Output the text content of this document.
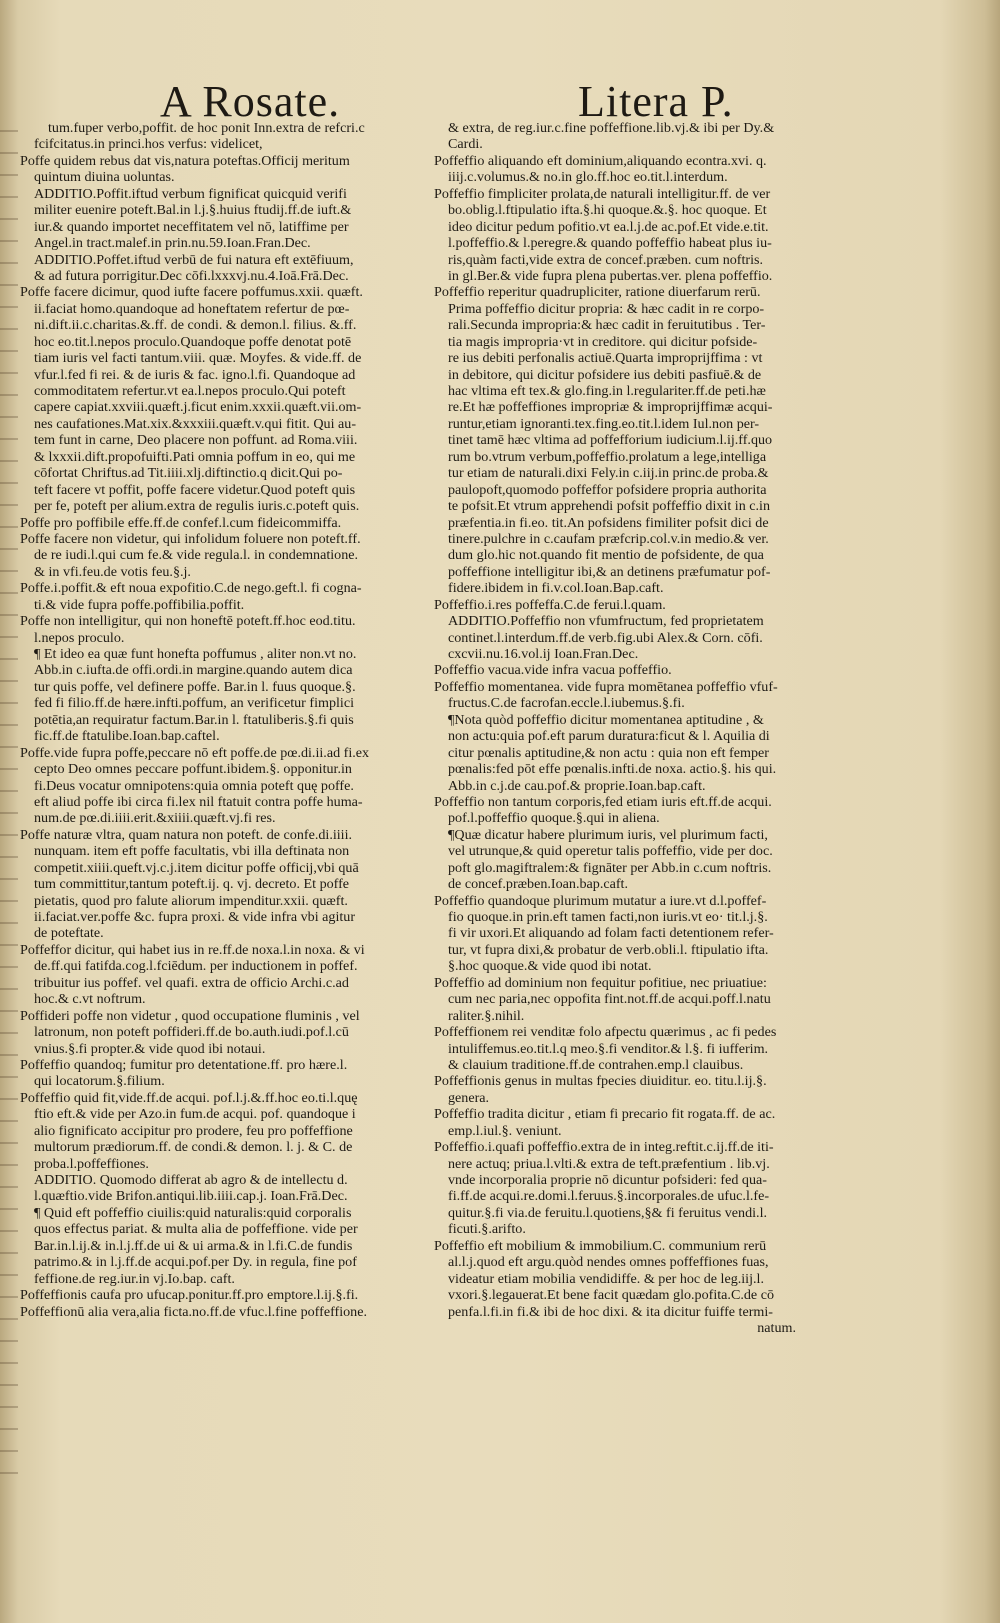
A Rosate.	Litera P.
tum.fuper verbo,poffit. de hoc ponit Inn.extra de refcri.c
fcifcitatus.in princi.hos verfus: videlicet,
Poffe quidem rebus dat vis,natura poteftas.Officij meritum
quintum diuina uoluntas.
ADDITIO.Poffit.iftud verbum fignificat quicquid verifi
militer euenire poteft.Bal.in l.j.§.huius ftudij.ff.de iuft.&
iur.& quando importet neceffitatem vel nō, latiffime per
Angel.in tract.malef.in prin.nu.59.Ioan.Fran.Dec.
ADDITIO.Poffet.iftud verbū de fui natura eft extēfiuum,
& ad futura porrigitur.Dec cōfi.lxxxvj.nu.4.Ioā.Frā.Dec.
Poffe facere dicimur, quod iufte facere poffumus.xxii. quæft.
ii.faciat homo.quandoque ad honeftatem refertur de pœ-
ni.dift.ii.c.charitas.&.ff. de condi. & demon.l. filius. &.ff.
hoc eo.tit.l.nepos proculo.Quandoque poffe denotat potē
tiam iuris vel facti tantum.viii. quæ. Moyfes. & vide.ff. de
vfur.l.fed fi rei. & de iuris & fac. igno.l.fi. Quandoque ad
commoditatem refertur.vt ea.l.nepos proculo.Qui poteft
capere capiat.xxviii.quæft.j.ficut enim.xxxii.quæft.vii.om-
nes caufationes.Mat.xix.&xxxiii.quæft.v.qui fitit. Qui au-
tem funt in carne, Deo placere non poffunt. ad Roma.viii.
& lxxxii.dift.propofuifti.Pati omnia poffum in eo, qui me
cōfortat Chriftus.ad Tit.iiii.xlj.diftinctio.q dicit.Qui po-
teft facere vt poffit, poffe facere videtur.Quod poteft quis
per fe, poteft per alium.extra de regulis iuris.c.poteft quis.
Poffe pro poffibile effe.ff.de confef.l.cum fideicommiffa.
Poffe facere non videtur, qui infolidum foluere non poteft.ff.
de re iudi.l.qui cum fe.& vide regula.l. in condemnatione.
& in vfi.feu.de votis feu.§.j.
Poffe.i.poffit.& eft noua expofitio.C.de nego.geft.l. fi cogna-
ti.& vide fupra poffe.poffibilia.poffit.
Poffe non intelligitur, qui non honeftē poteft.ff.hoc eod.titu.
l.nepos proculo.
¶ Et ideo ea quæ funt honefta poffumus , aliter non.vt no.
Abb.in c.iufta.de offi.ordi.in margine.quando autem dica
tur quis poffe, vel definere poffe. Bar.in l. fuus quoque.§.
fed fi filio.ff.de hære.infti.poffum, an verificetur fimplici
potētia,an requiratur factum.Bar.in l. ftatuliberis.§.fi quis
fic.ff.de ftatulibe.Ioan.bap.caftel.
Poffe.vide fupra poffe,peccare nō eft poffe.de pœ.di.ii.ad fi.ex
cepto Deo omnes peccare poffunt.ibidem.§. opponitur.in
fi.Deus vocatur omnipotens:quia omnia poteft quę poffe.
eft aliud poffe ibi circa fi.lex nil ftatuit contra poffe huma-
num.de pœ.di.iiii.erit.&xiiii.quæft.vj.fi res.
Poffe naturæ vltra, quam natura non poteft. de confe.di.iiii.
nunquam. item eft poffe facultatis, vbi illa deftinata non
competit.xiiii.queft.vj.c.j.item dicitur poffe officij,vbi quā
tum committitur,tantum poteft.ij. q. vj. decreto. Et poffe
pietatis, quod pro falute aliorum impenditur.xxii. quæft.
ii.faciat.ver.poffe &c. fupra proxi. & vide infra vbi agitur
de poteftate.
Poffeffor dicitur, qui habet ius in re.ff.de noxa.l.in noxa. & vi
de.ff.qui fatifda.cog.l.fciēdum. per inductionem in poffef.
tribuitur ius poffef. vel quafi. extra de officio Archi.c.ad
hoc.& c.vt noftrum.
Poffideri poffe non videtur , quod occupatione fluminis , vel
latronum, non poteft poffideri.ff.de bo.auth.iudi.pof.l.cū
vnius.§.fi propter.& vide quod ibi notaui.
Poffeffio quandoq; fumitur pro detentatione.ff. pro hære.l.
qui locatorum.§.filium.
Poffeffio quid fit,vide.ff.de acqui. pof.l.j.&.ff.hoc eo.ti.l.quę
ftio eft.& vide per Azo.in fum.de acqui. pof. quandoque i
alio fignificato accipitur pro prodere, feu pro poffeffione
multorum prædiorum.ff. de condi.& demon. l. j. & C. de
proba.l.poffeffiones.
ADDITIO. Quomodo differat ab agro & de intellectu d.
l.quæftio.vide Brifon.antiqui.lib.iiii.cap.j. Ioan.Frā.Dec.
¶ Quid eft poffeffio ciuilis:quid naturalis:quid corporalis
quos effectus pariat. & multa alia de poffeffione. vide per
Bar.in.l.ij.& in.l.j.ff.de ui & ui arma.& in l.fi.C.de fundis
patrimo.& in l.j.ff.de acqui.pof.per Dy. in regula, fine pof
feffione.de reg.iur.in vj.Io.bap. caft.
Poffeffionis caufa pro ufucap.ponitur.ff.pro emptore.l.ij.§.fi.
Poffeffionū alia vera,alia ficta.no.ff.de vfuc.l.fine poffeffione.
& extra, de reg.iur.c.fine poffeffione.lib.vj.& ibi per Dy.&
Cardi.
Poffeffio aliquando eft dominium,aliquando econtra.xvi. q.
iiij.c.volumus.& no.in glo.ff.hoc eo.tit.l.interdum.
Poffeffio fimpliciter prolata,de naturali intelligitur.ff. de ver
bo.oblig.l.ftipulatio ifta.§.hi quoque.&.§. hoc quoque. Et
ideo dicitur pedum pofitio.vt ea.l.j.de ac.pof.Et vide.e.tit.
l.poffeffio.& l.peregre.& quando poffeffio habeat plus iu-
ris,quàm facti,vide extra de concef.præben. cum noftris.
in gl.Ber.& vide fupra plena pubertas.ver. plena poffeffio.
Poffeffio reperitur quadrupliciter, ratione diuerfarum rerū.
Prima poffeffio dicitur propria: & hæc cadit in re corpo-
rali.Secunda impropria:& hæc cadit in feruitutibus . Ter-
tia magis impropria·vt in creditore. qui dicitur pofside-
re ius debiti perfonalis actiuē.Quarta improprijffima : vt
in debitore, qui dicitur pofsidere ius debiti pasfiuē.& de
hac vltima eft tex.& glo.fing.in l.regulariter.ff.de peti.hæ
re.Et hæ poffeffiones impropriæ & improprijffimæ acqui-
runtur,etiam ignoranti.tex.fing.eo.tit.l.idem Iul.non per-
tinet tamē hæc vltima ad poffefforium iudicium.l.ij.ff.quo
rum bo.vtrum verbum,poffeffio.prolatum a lege,intelliga
tur etiam de naturali.dixi Fely.in c.iij.in princ.de proba.&
paulopoft,quomodo poffeffor pofsidere propria authorita
te pofsit.Et vtrum apprehendi pofsit poffeffio dixit in c.in
præfentia.in fi.eo. tit.An pofsidens fimiliter pofsit dici de
tinere.pulchre in c.caufam præfcrip.col.v.in medio.& ver.
dum glo.hic not.quando fit mentio de pofsidente, de qua
poffeffione intelligitur ibi,& an detinens præfumatur pof-
fidere.ibidem in fi.v.col.Ioan.Bap.caft.
Poffeffio.i.res poffeffa.C.de ferui.l.quam.
ADDITIO.Poffeffio non vfumfructum, fed proprietatem
continet.l.interdum.ff.de verb.fig.ubi Alex.& Corn. cōfi.
cxcvii.nu.16.vol.ij Ioan.Fran.Dec.
Poffeffio vacua.vide infra vacua poffeffio.
Poffeffio momentanea. vide fupra momētanea poffeffio vfuf-
fructus.C.de facrofan.eccle.l.iubemus.§.fi.
¶Nota quòd poffeffio dicitur momentanea aptitudine , &
non actu:quia pof.eft parum duratura:ficut & l. Aquilia di
citur pœnalis aptitudine,& non actu : quia non eft femper
pœnalis:fed pōt effe pœnalis.infti.de noxa. actio.§. his qui.
Abb.in c.j.de cau.pof.& proprie.Ioan.bap.caft.
Poffeffio non tantum corporis,fed etiam iuris eft.ff.de acqui.
pof.l.poffeffio quoque.§.qui in aliena.
¶Quæ dicatur habere plurimum iuris, vel plurimum facti,
vel utrunque,& quid operetur talis poffeffio, vide per doc.
poft glo.magiftralem:& fignāter per Abb.in c.cum noftris.
de concef.præben.Ioan.bap.caft.
Poffeffio quandoque plurimum mutatur a iure.vt d.l.poffef-
fio quoque.in prin.eft tamen facti,non iuris.vt eo· tit.l.j.§.
fi vir uxori.Et aliquando ad folam facti detentionem refer-
tur, vt fupra dixi,& probatur de verb.obli.l. ftipulatio ifta.
§.hoc quoque.& vide quod ibi notat.
Poffeffio ad dominium non fequitur pofitiue, nec priuatiue:
cum nec paria,nec oppofita fint.not.ff.de acqui.poff.l.natu
raliter.§.nihil.
Poffeffionem rei venditæ folo afpectu quærimus , ac fi pedes
intuliffemus.eo.tit.l.q meo.§.fi venditor.& l.§. fi iufferim.
& clauium traditione.ff.de contrahen.emp.l clauibus.
Poffeffionis genus in multas fpecies diuiditur. eo. titu.l.ij.§.
genera.
Poffeffio tradita dicitur , etiam fi precario fit rogata.ff. de ac.
emp.l.iul.§. veniunt.
Poffeffio.i.quafi poffeffio.extra de in integ.reftit.c.ij.ff.de iti-
nere actuq; priua.l.vlti.& extra de teft.præfentium . lib.vj.
vnde incorporalia proprie nō dicuntur pofsideri: fed qua-
fi.ff.de acqui.re.domi.l.feruus.§.incorporales.de ufuc.l.fe-
quitur.§.fi via.de feruitu.l.quotiens,§& fi feruitus vendi.l.
ficuti.§.arifto.
Poffeffio eft mobilium & immobilium.C. communium rerū
al.l.j.quod eft argu.quòd nendes omnes poffeffiones fuas,
videatur etiam mobilia vendidiffe. & per hoc de leg.iij.l.
vxori.§.legauerat.Et bene facit quædam glo.pofita.C.de cō
penfa.l.fi.in fi.& ibi de hoc dixi. & ita dicitur fuiffe termi-
natum.
